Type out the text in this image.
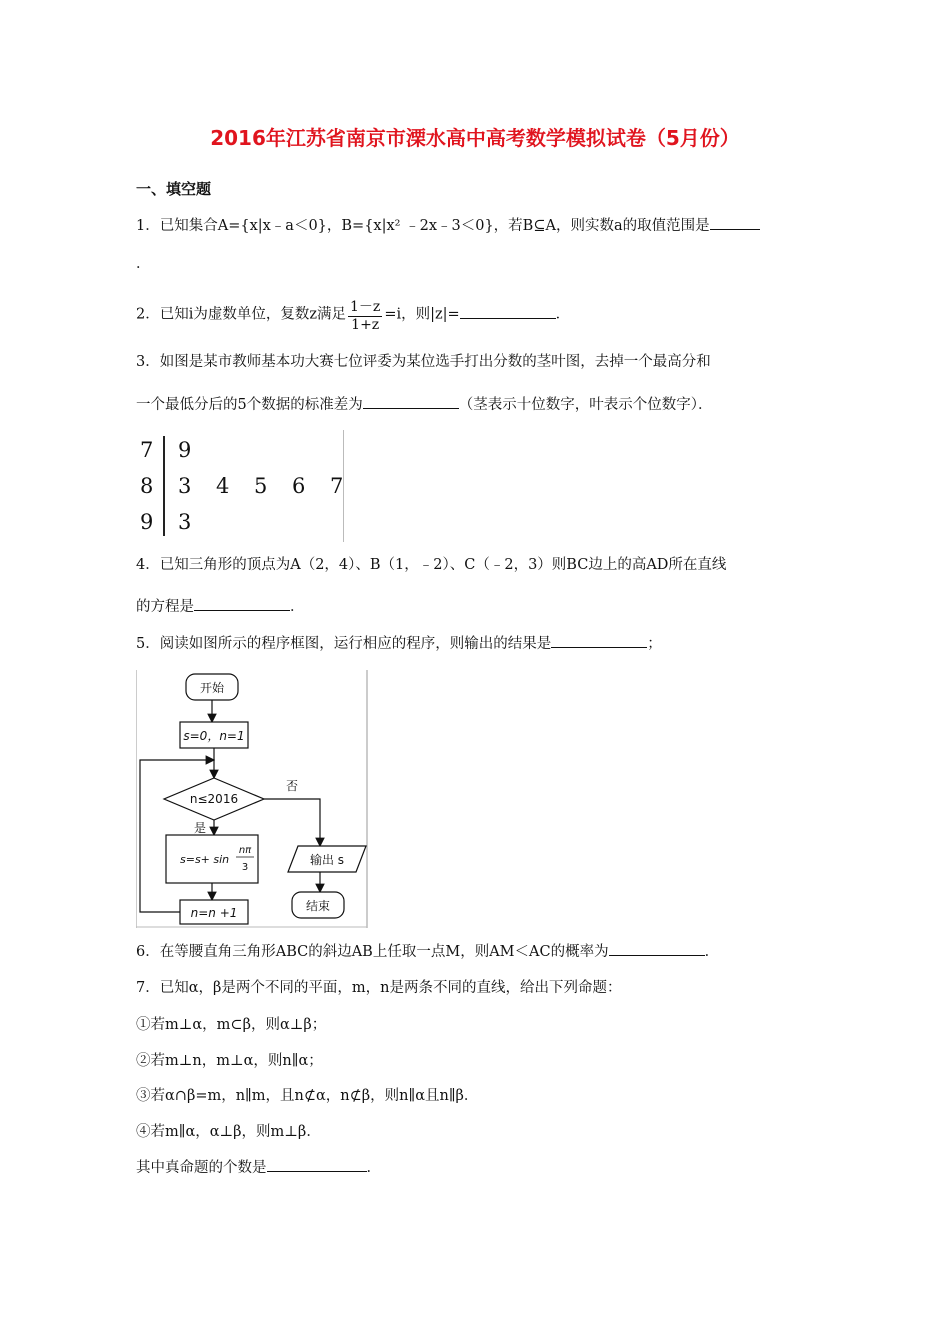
2016年江苏省南京市溧水高中高考数学模拟试卷（5月份）
一、填空题
1．已知集合A={x|x﹣a＜0}，B={x|x² ﹣2x﹣3＜0}，若B⊆A，则实数a的取值范围是
．
2．已知i为虚数单位，复数z满足 $\frac{1-z}{1+z} =i$，则|z|=	．
3．如图是某市教师基本功大赛七位评委为某位选手打出分数的茎叶图，去掉一个最高分和
一个最低分后的5个数据的标准差为	（茎表示十位数字，叶表示个位数字）．
7 9
8 3 4 5 6 7
9 3
4．已知三角形的顶点为A（2，4）、B（1，﹣2）、C（﹣2，3）则BC边上的高AD所在直线
的方程是	．
5．阅读如图所示的程序框图，运行相应的程序，则输出的结果是	；
开始
s=0，n=1
n≤2016
否
是
s=s+ sin
nπ
3
n=n +1
输出 s
结束
6．在等腰直角三角形ABC的斜边AB上任取一点M，则AM＜AC的概率为	．
7．已知α，β是两个不同的平面，m，n是两条不同的直线，给出下列命题：
①若m⊥α，m⊂β，则α⊥β；
②若m⊥n，m⊥α，则n∥α；
③若α∩β=m，n∥m，且n⊄α，n⊄β，则n∥α且n∥β．
④若m∥α，α⊥β，则m⊥β．
其中真命题的个数是	．
